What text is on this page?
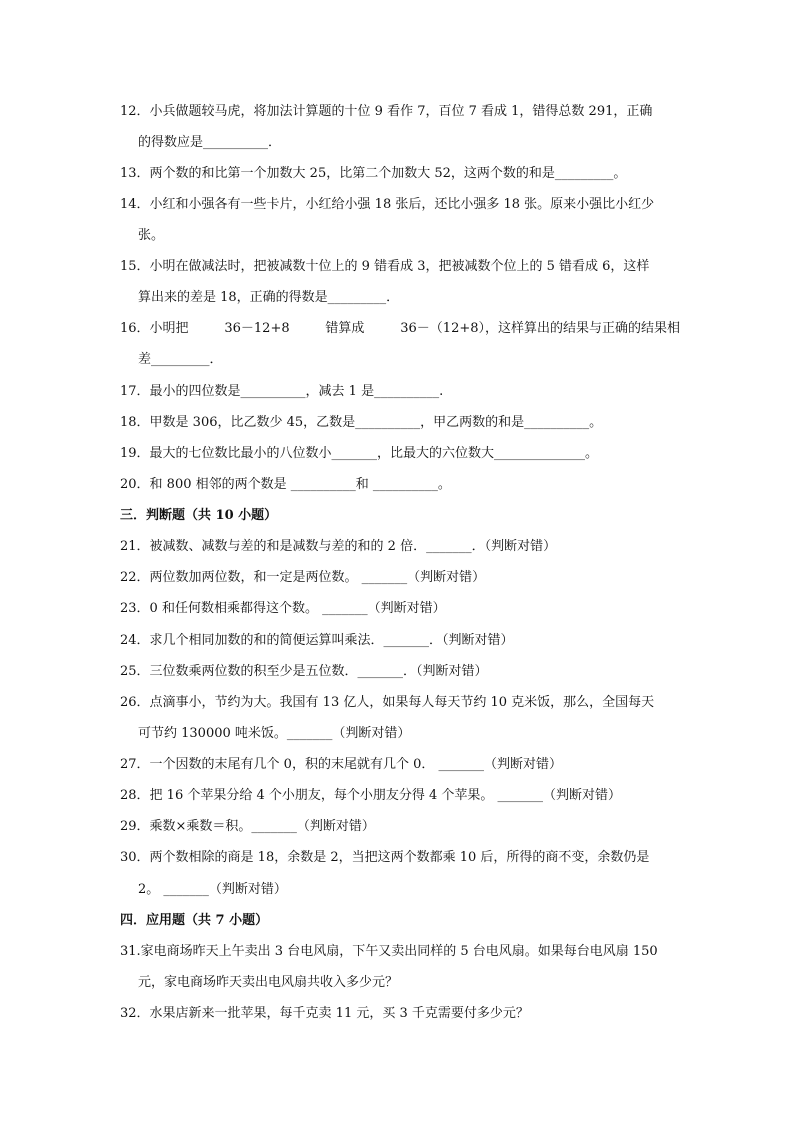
12．小兵做题较马虎，将加法计算题的十位 9 看作 7，百位 7 看成 1，错得总数 291，正确
的得数应是__________．
13．两个数的和比第一个加数大 25，比第二个加数大 52，这两个数的和是_________。
14．小红和小强各有一些卡片，小红给小强 18 张后，还比小强多 18 张。原来小强比小红少
张。
15．小明在做减法时，把被减数十位上的 9 错看成 3，把被减数个位上的 5 错看成 6，这样
算出来的差是 18，正确的得数是_________．
16．小明把	36－12+8	错算成	36－（12+8），这样算出的结果与正确的结果相
差_________．
17．最小的四位数是__________，减去 1 是__________.
18．甲数是 306，比乙数少 45，乙数是__________，甲乙两数的和是__________。
19．最大的七位数比最小的八位数小_______，比最大的六位数大______________。
20．和 800 相邻的两个数是 __________和 __________。
三．判断题（共 10 小题）
21．被减数、减数与差的和是减数与差的和的 2 倍．_______．（判断对错）
22．两位数加两位数，和一定是两位数。 _______（判断对错）
23．0 和任何数相乘都得这个数。 _______（判断对错）
24．求几个相同加数的和的简便运算叫乘法．_______．（判断对错）
25．三位数乘两位数的积至少是五位数．_______．（判断对错）
26．点滴事小，节约为大。我国有 13 亿人，如果每人每天节约 10 克米饭，那么，全国每天
可节约 130000 吨米饭。_______（判断对错）
27．一个因数的末尾有几个 0，积的末尾就有几个 0． _______（判断对错）
28．把 16 个苹果分给 4 个小朋友，每个小朋友分得 4 个苹果。 _______（判断对错）
29．乘数×乘数＝积。_______（判断对错）
30．两个数相除的商是 18，余数是 2，当把这两个数都乘 10 后，所得的商不变，余数仍是
2。 _______（判断对错）
四．应用题（共 7 小题）
31.家电商场昨天上午卖出 3 台电风扇，下午又卖出同样的 5 台电风扇。如果每台电风扇 150
元，家电商场昨天卖出电风扇共收入多少元？
32．水果店新来一批苹果，每千克卖 11 元，买 3 千克需要付多少元？
